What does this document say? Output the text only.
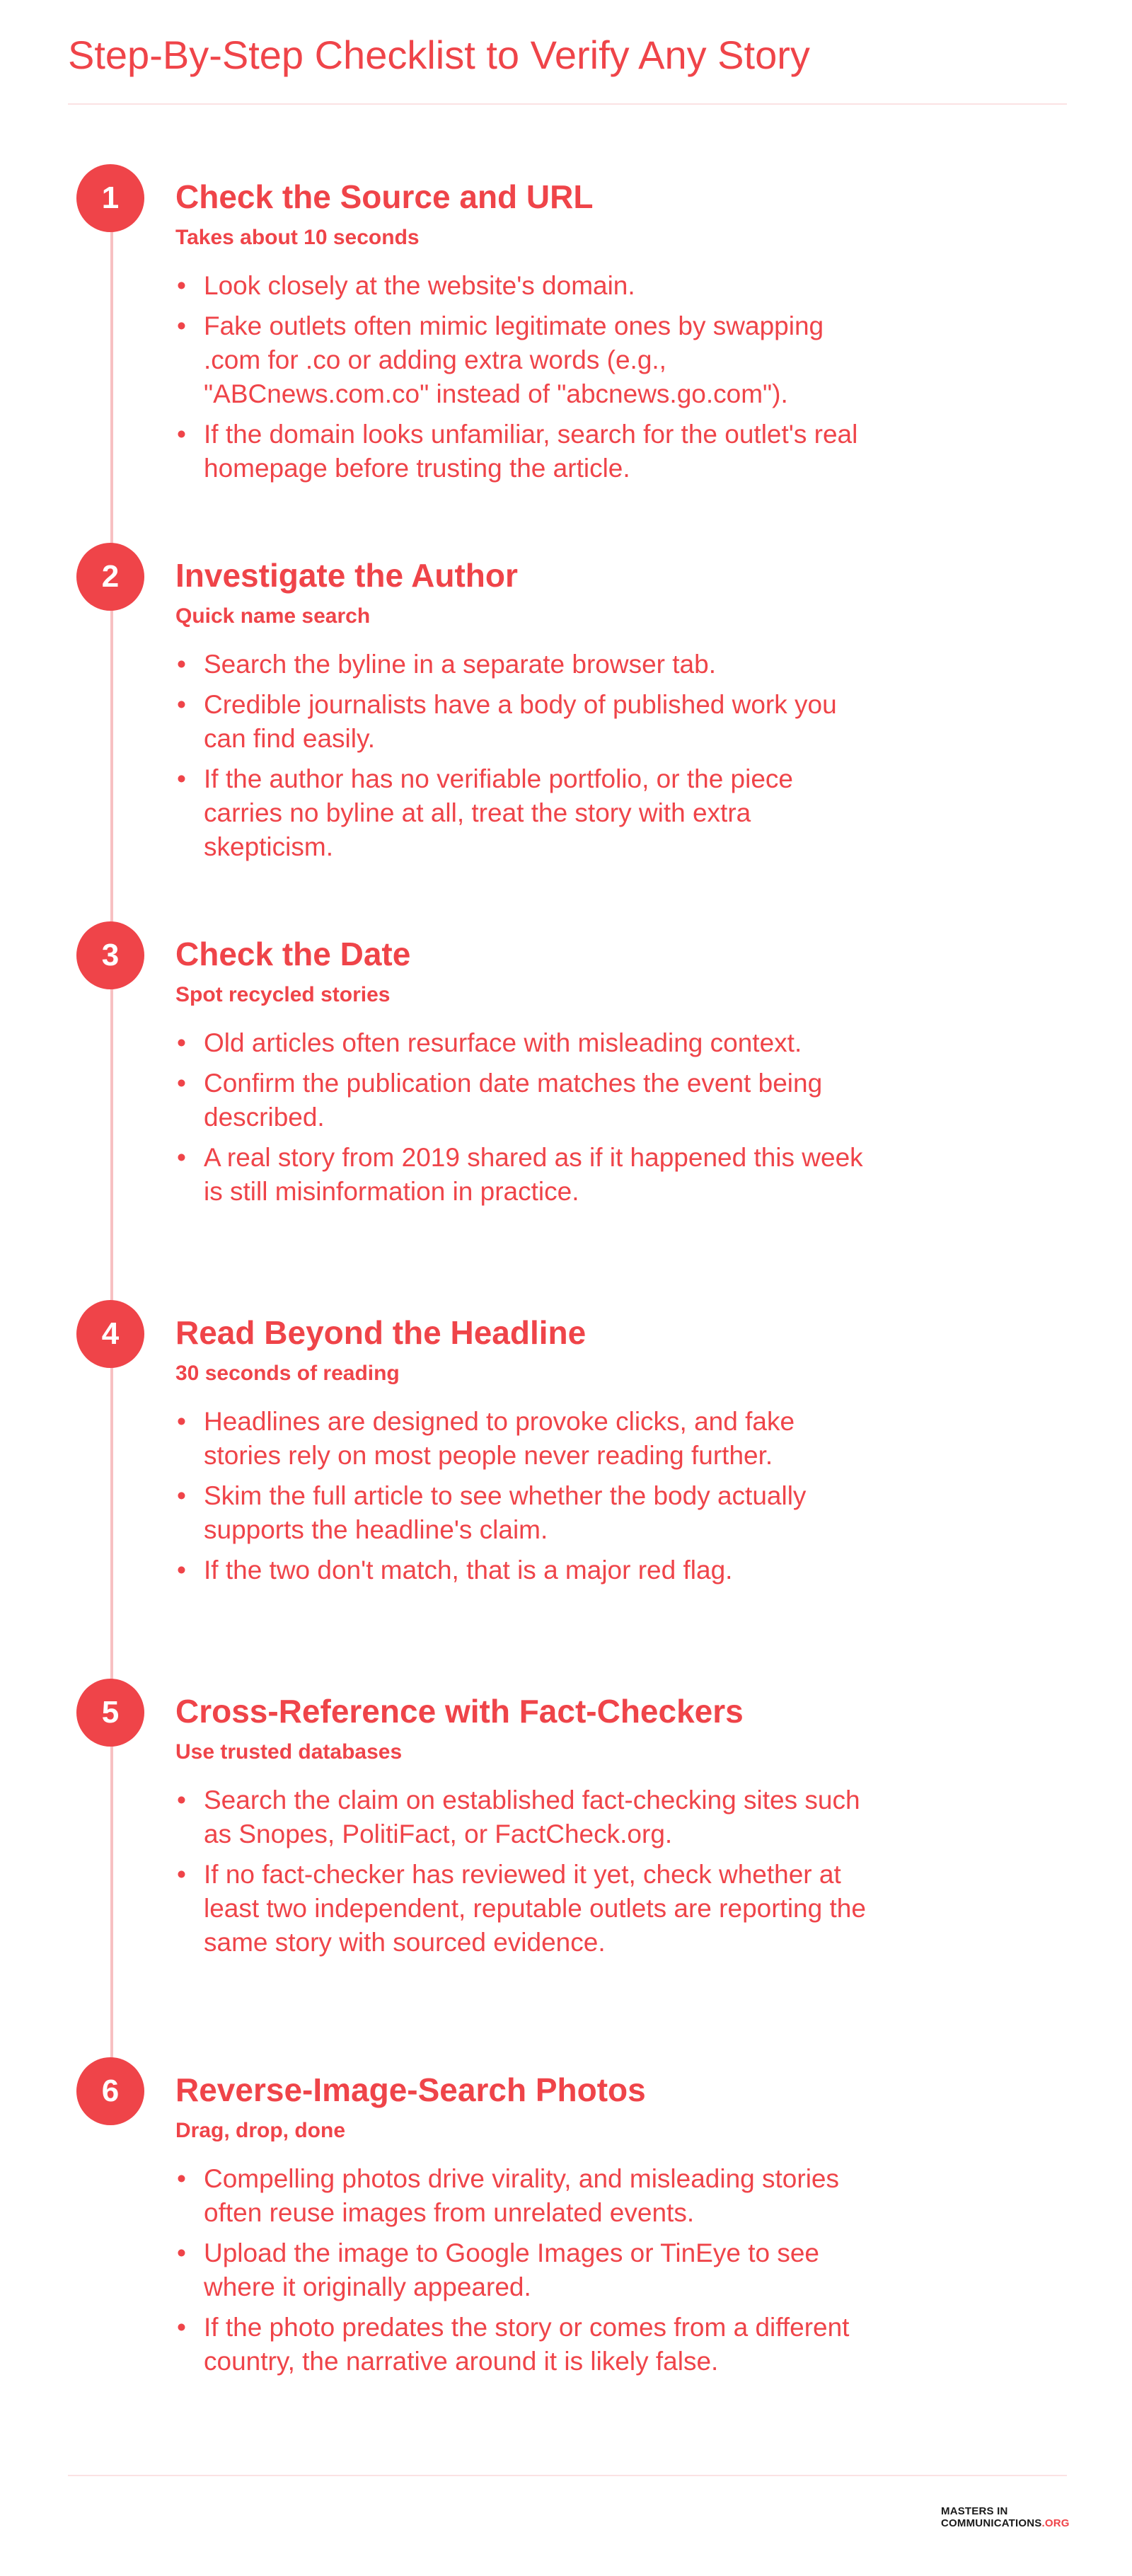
Step-By-Step Checklist to Verify Any Story
1	Check the Source and URL

Takes about 10 seconds

• Look closely at the website's domain.
• Fake outlets often mimic legitimate ones by swapping .com for .co or adding extra words (e.g., "ABCnews.com.co" instead of "abcnews.go.com").
• If the domain looks unfamiliar, search for the outlet's real homepage before trusting the article.
2	Investigate the Author

Quick name search

• Search the byline in a separate browser tab.
• Credible journalists have a body of published work you can find easily.
• If the author has no verifiable portfolio, or the piece carries no byline at all, treat the story with extra skepticism.
3	Check the Date

Spot recycled stories

• Old articles often resurface with misleading context.
• Confirm the publication date matches the event being described.
• A real story from 2019 shared as if it happened this week is still misinformation in practice.
4	Read Beyond the Headline

30 seconds of reading

• Headlines are designed to provoke clicks, and fake stories rely on most people never reading further.
• Skim the full article to see whether the body actually supports the headline's claim.
• If the two don't match, that is a major red flag.
5	Cross-Reference with Fact-Checkers

Use trusted databases

• Search the claim on established fact-checking sites such as Snopes, PolitiFact, or FactCheck.org.
• If no fact-checker has reviewed it yet, check whether at least two independent, reputable outlets are reporting the same story with sourced evidence.
6	Reverse-Image-Search Photos

Drag, drop, done

• Compelling photos drive virality, and misleading stories often reuse images from unrelated events.
• Upload the image to Google Images or TinEye to see where it originally appeared.
• If the photo predates the story or comes from a different country, the narrative around it is likely false.
MASTERS IN
COMMUNICATIONS.ORG
